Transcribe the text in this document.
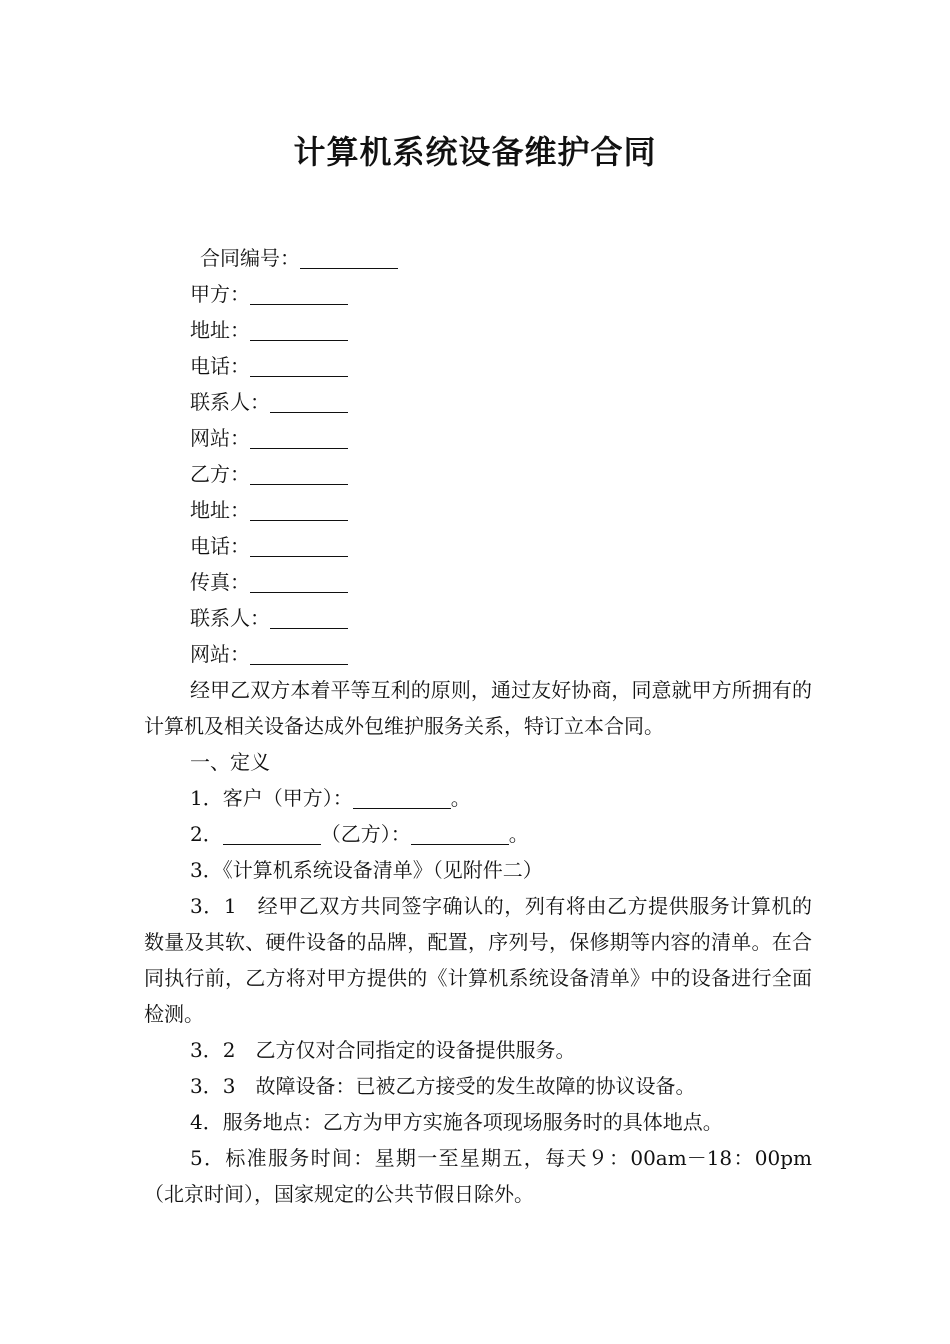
计算机系统设备维护合同

合同编号：

甲方：

地址：

电话：

联系人：

网站：

乙方：

地址：

电话：

传真：

联系人：

网站：

经甲乙双方本着平等互利的原则，通过友好协商，同意就甲方所拥有的计算机及相关设备达成外包维护服务关系，特订立本合同。

一、定义

1．客户（甲方）：	。

2．	（乙方）：	。

3．《计算机系统设备清单》（见附件二）

3．1　经甲乙双方共同签字确认的，列有将由乙方提供服务计算机的数量及其软、硬件设备的品牌，配置，序列号，保修期等内容的清单。在合同执行前，乙方将对甲方提供的《计算机系统设备清单》中的设备进行全面检测。

3．2　乙方仅对合同指定的设备提供服务。

3．3　故障设备：已被乙方接受的发生故障的协议设备。

4．服务地点：乙方为甲方实施各项现场服务时的具体地点。

5．标准服务时间：星期一至星期五，每天９：00am－18：00pm（北京时间），国家规定的公共节假日除外。
